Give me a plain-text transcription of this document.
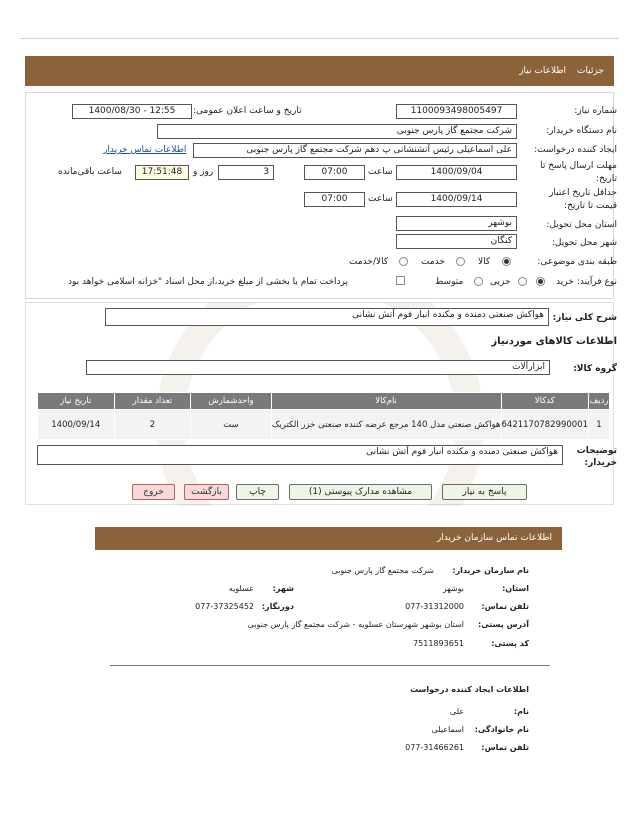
جزئیات
اطلاعات نیاز
شماره نیاز:
1100093498005497
تاریخ و ساعت اعلان عمومی:
1400/08/30 - 12:55
نام دستگاه خریدار:
شرکت مجتمع گاز پارس جنوبی
ایجاد کننده درخواست:
علی اسماعیلی رئیس آتشنشانی پ دهم شرکت مجتمع گاز پارس جنوبی
اطلاعات تماس خریدار
مهلت ارسال پاسخ تا تاریخ:
1400/09/04
ساعت
07:00
3
روز و
17:51:48
ساعت باقی‌مانده
حداقل تاریخ اعتبار قیمت تا تاریخ:
1400/09/14
ساعت
07:00
استان محل تحویل:
بوشهر
شهر محل تحویل:
کنگان
طبقه بندی موضوعی:
کالا
خدمت
کالا/خدمت
نوع فرآیند:
خرید
جزیی
متوسط
پرداخت تمام یا بخشی از مبلغ خرید،از محل اسناد "خزانه اسلامی خواهد بود
شرح کلی نیاز:
هواکش صنعتی دمنده و مکنده انبار فوم آتش نشانی
اطلاعات کالاهای موردنیاز
گروه کالا:
ابزارآلات
ردیف	کدکالا	نام‌کالا	واحدشمارش	تعداد مقدار	تاریخ نیاز
1	6421170782990001	هواکش صنعتی مدل 140 مرجع عرضه کننده صنعتی خزر الکتریک	ست	2	1400/09/14
توضیحات خریدار:
هواکش صنعتی دمنده و مکنده انبار فوم آتش نشانی
پاسخ به نیاز
مشاهده مدارک پیوستی (1)
چاپ
بازگشت
خروج
اطلاعات تماس سازمان خریدار
نام سازمان خریدار:
شرکت مجتمع گاز پارس جنوبی
استان:
بوشهر
شهر:
عسلویه
تلفن تماس:
077-31312000
دورنگار:
077-37325452
آدرس پستی:
استان بوشهر شهرستان عسلویه - شرکت مجتمع گاز پارس جنوبی
کد پستی:
7511893651
اطلاعات ایجاد کننده درخواست
نام:
علی
نام خانوادگی:
اسماعیلی
تلفن تماس:
077-31466261
